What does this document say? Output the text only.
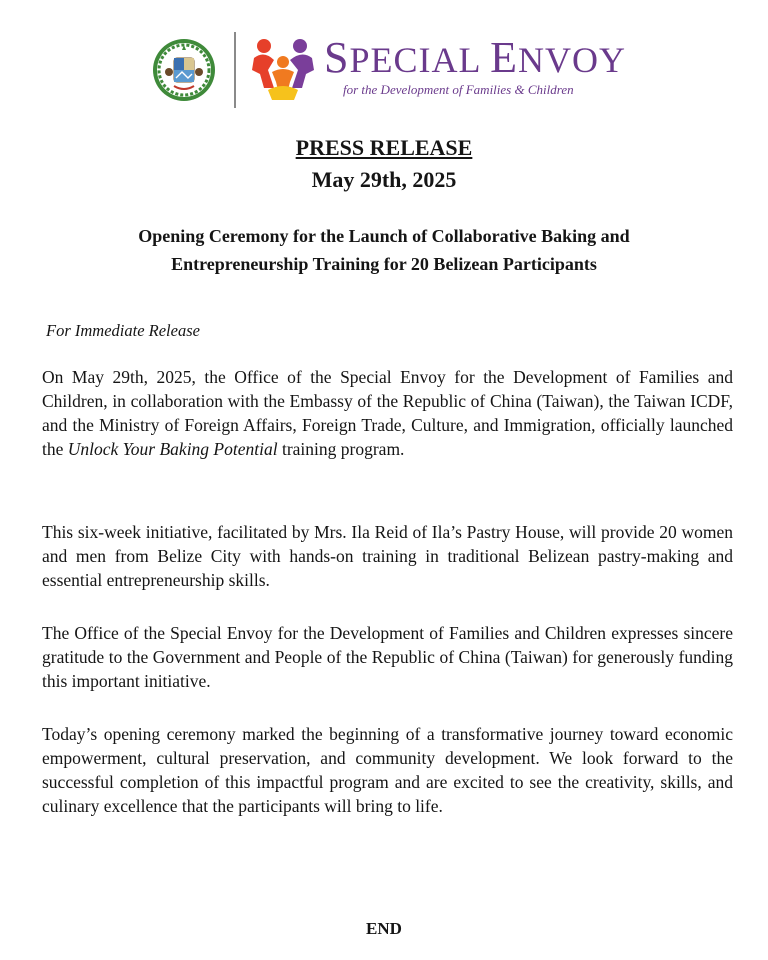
SPECIAL ENVOY
for the Development of Families & Children
PRESS RELEASE
May 29th, 2025
Opening Ceremony for the Launch of Collaborative Baking and
Entrepreneurship Training for 20 Belizean Participants
For Immediate Release

On May 29th, 2025, the Office of the Special Envoy for the Development of Families and Children, in collaboration with the Embassy of the Republic of China (Taiwan), the Taiwan ICDF, and the Ministry of Foreign Affairs, Foreign Trade, Culture, and Immigration, officially launched the Unlock Your Baking Potential training program.

This six-week initiative, facilitated by Mrs. Ila Reid of Ila’s Pastry House, will provide 20 women and men from Belize City with hands-on training in traditional Belizean pastry-making and essential entrepreneurship skills.

The Office of the Special Envoy for the Development of Families and Children expresses sincere gratitude to the Government and People of the Republic of China (Taiwan) for generously funding this important initiative.

Today’s opening ceremony marked the beginning of a transformative journey toward economic empowerment, cultural preservation, and community development. We look forward to the successful completion of this impactful program and are excited to see the creativity, skills, and culinary excellence that the participants will bring to life.

END
